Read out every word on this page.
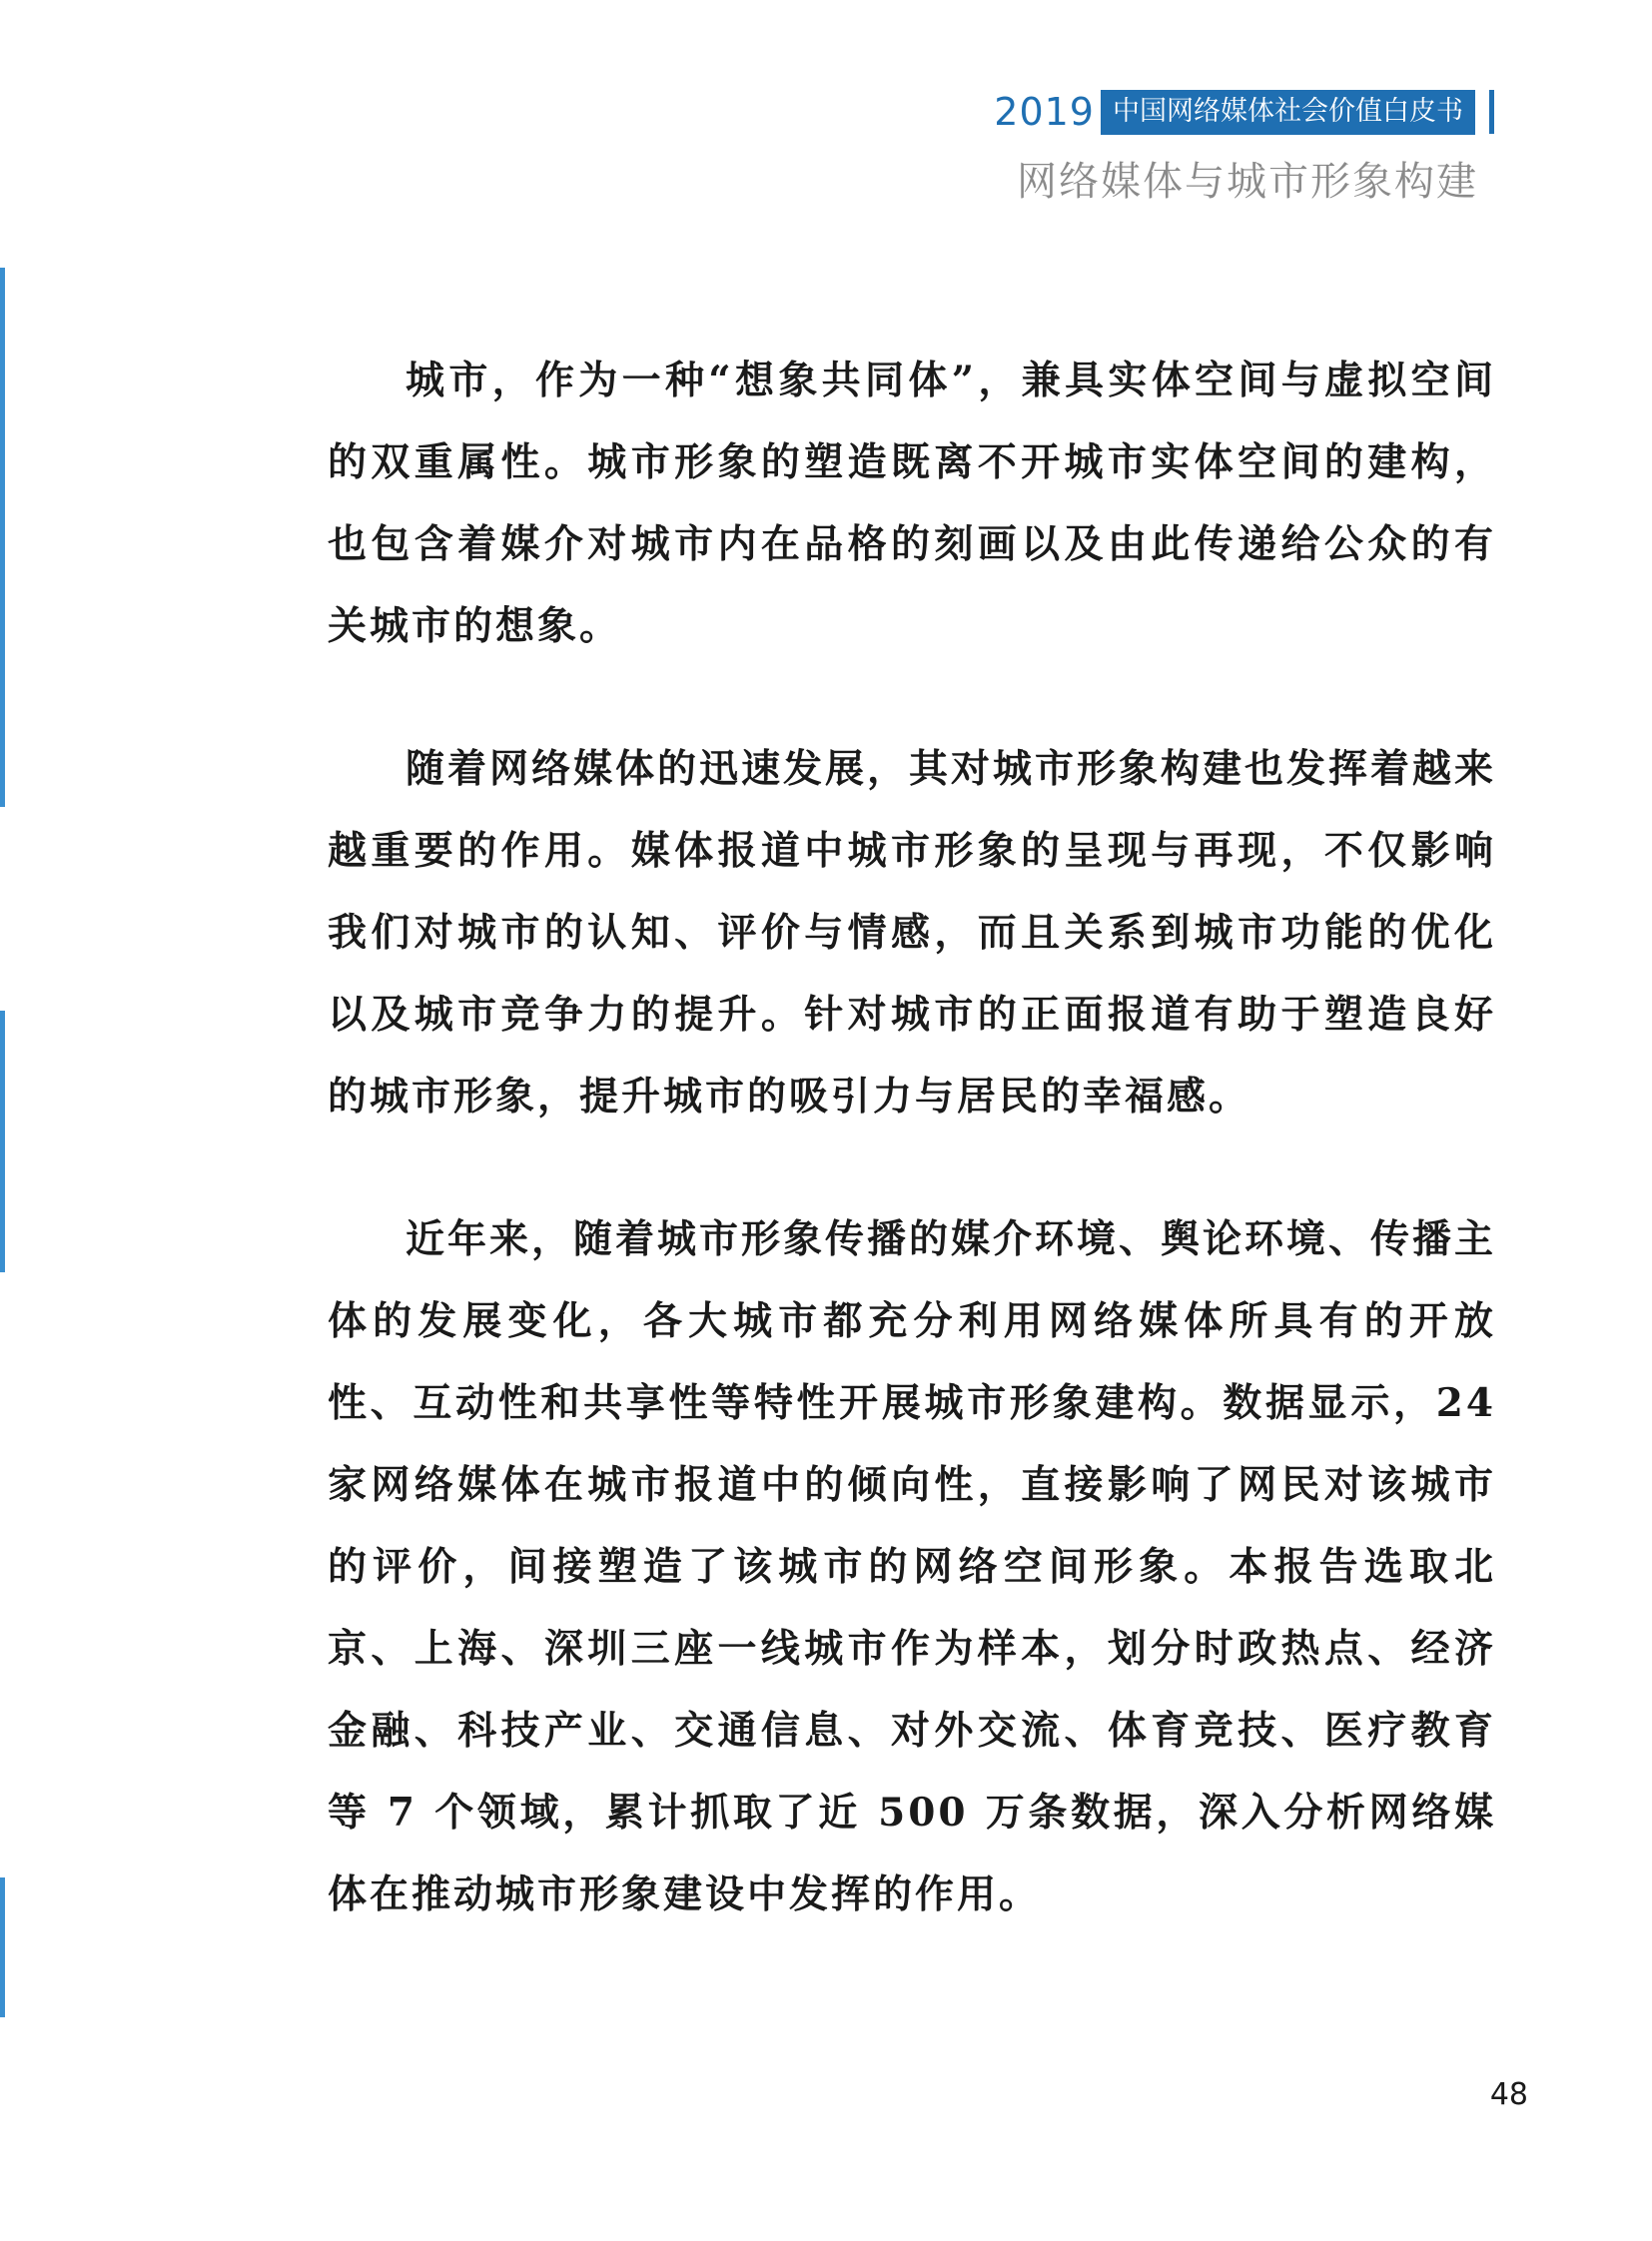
2019 中国网络媒体社会价值白皮书
网络媒体与城市形象构建

城市，作为一种“想象共同体”，兼具实体空间与虚拟空间的双重属性。城市形象的塑造既离不开城市实体空间的建构，也包含着媒介对城市内在品格的刻画以及由此传递给公众的有关城市的想象。

随着网络媒体的迅速发展，其对城市形象构建也发挥着越来越重要的作用。媒体报道中城市形象的呈现与再现，不仅影响我们对城市的认知、评价与情感，而且关系到城市功能的优化以及城市竞争力的提升。针对城市的正面报道有助于塑造良好的城市形象，提升城市的吸引力与居民的幸福感。

近年来，随着城市形象传播的媒介环境、舆论环境、传播主体的发展变化，各大城市都充分利用网络媒体所具有的开放性、互动性和共享性等特性开展城市形象建构。数据显示，24 家网络媒体在城市报道中的倾向性，直接影响了网民对该城市的评价，间接塑造了该城市的网络空间形象。本报告选取北京、上海、深圳三座一线城市作为样本，划分时政热点、经济金融、科技产业、交通信息、对外交流、体育竞技、医疗教育等 7 个领域，累计抓取了近 500 万条数据，深入分析网络媒体在推动城市形象建设中发挥的作用。

48
